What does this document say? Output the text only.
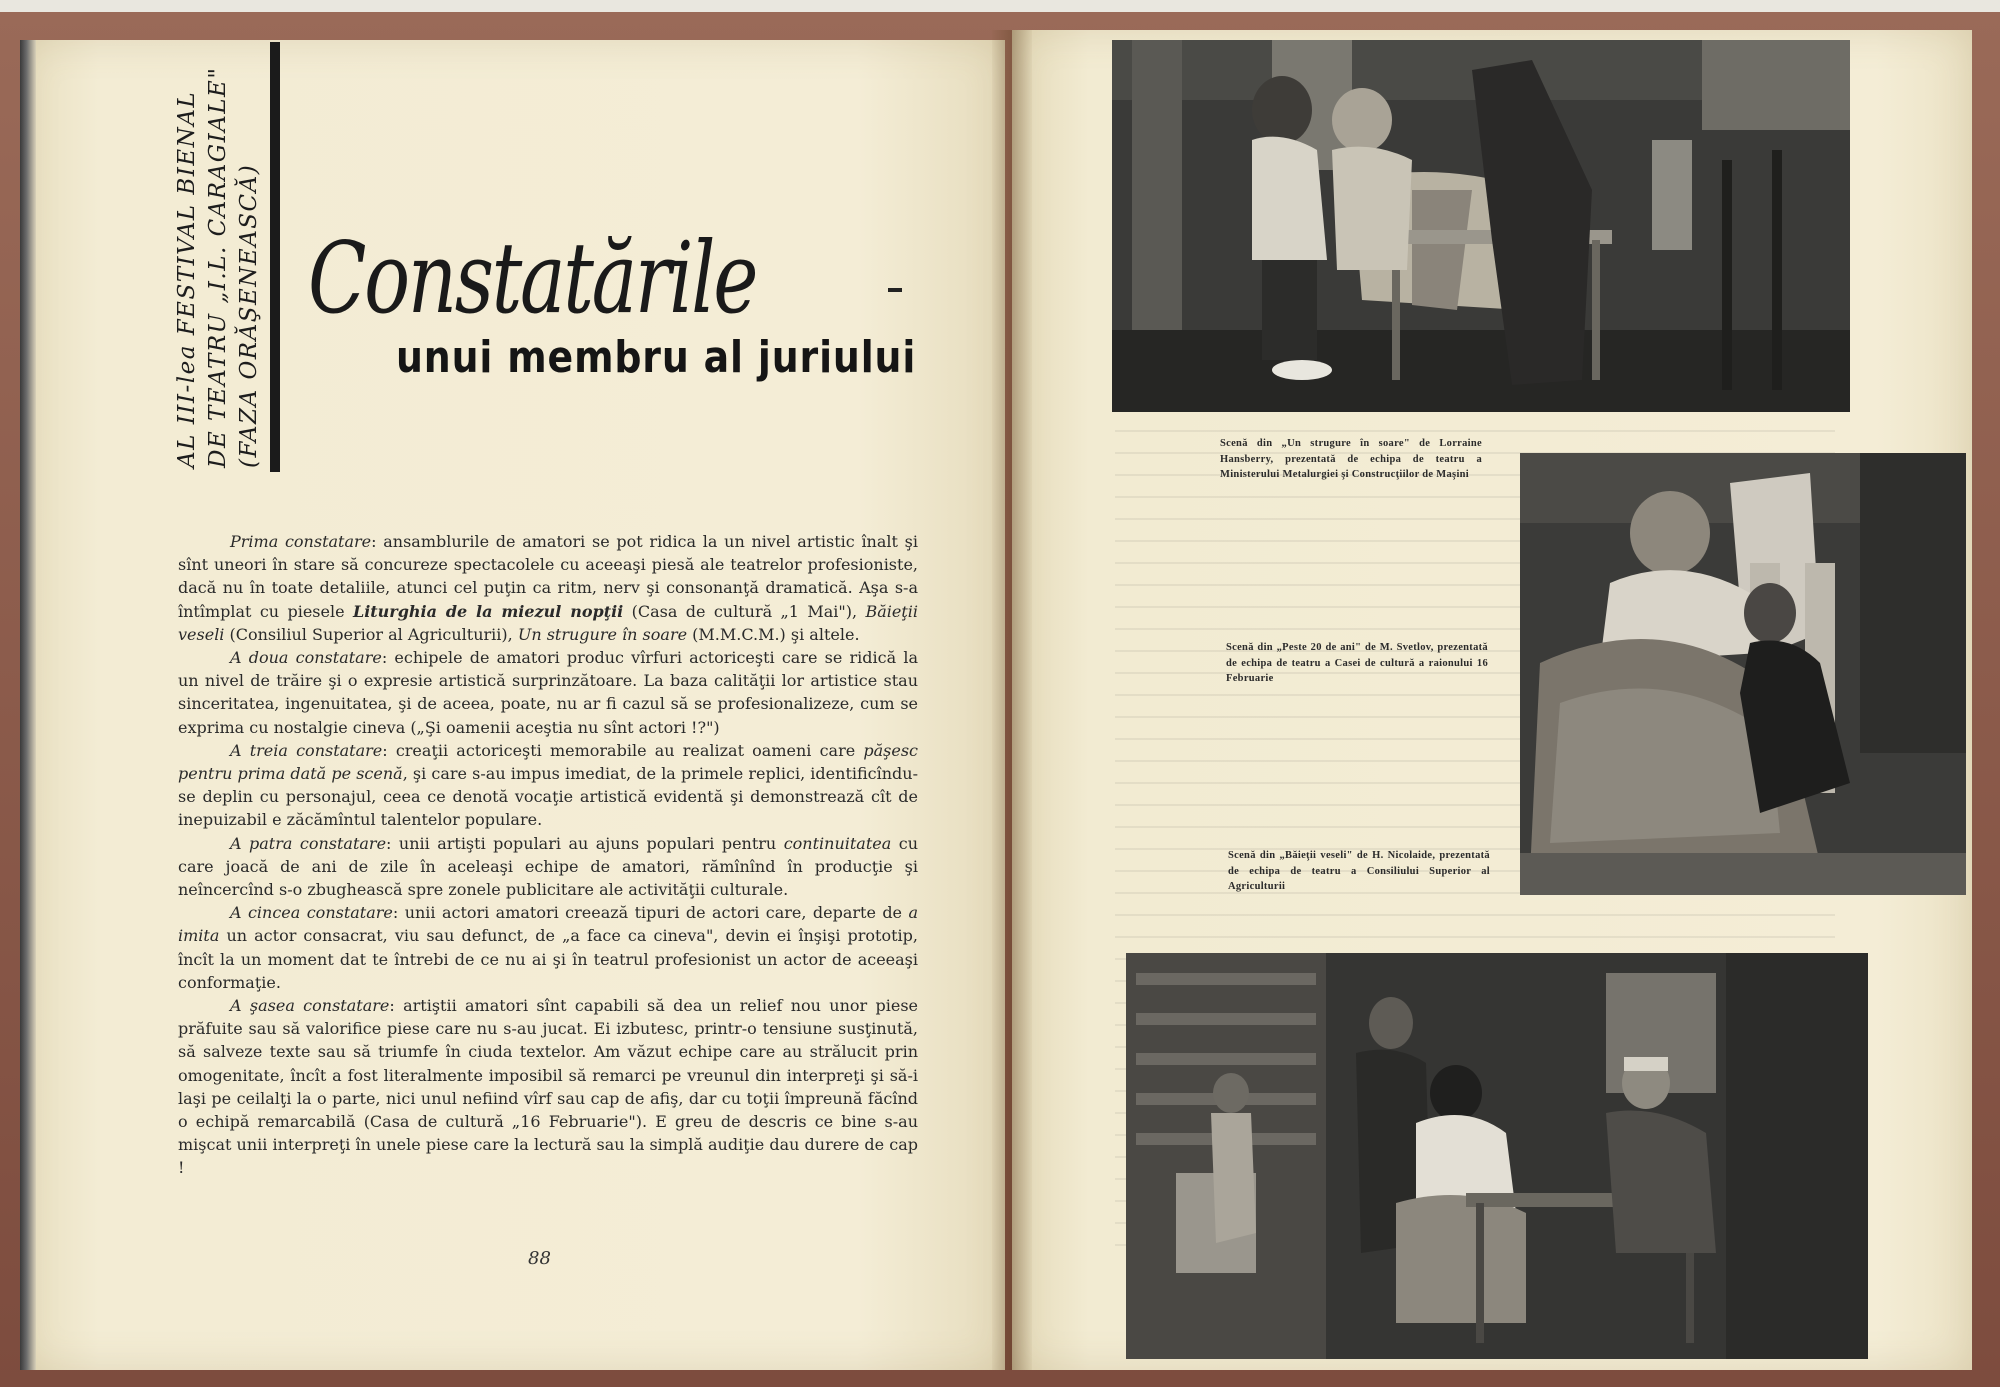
AL III-lea FESTIVAL BIENAL DE TEATRU „I.L. CARAGIALE" (FAZA ORĂŞENEASCĂ) Constatările
unui membru al juriului

Prima constatare: ansamblurile de amatori se pot ridica la un nivel artistic înalt şi sînt uneori în stare să concureze spectacolele cu aceeaşi piesă ale teatrelor profesioniste, dacă nu în toate detaliile, atunci cel puţin ca ritm, nerv şi consonanţă dramatică. Aşa s-a întîmplat cu piesele Liturghia de la miezul nopţii (Casa de cultură „1 Mai"), Băieţii veseli (Consiliul Superior al Agriculturii), Un strugure în soare (M.M.C.M.) şi altele.

A doua constatare: echipele de amatori produc vîrfuri actoriceşti care se ridică la un nivel de trăire şi o expresie artistică surprinzătoare. La baza calităţii lor artistice stau sinceritatea, ingenuitatea, şi de aceea, poate, nu ar fi cazul să se profesionalizeze, cum se exprima cu nostalgie cineva („Şi oamenii aceştia nu sînt actori !?")

A treia constatare: creaţii actoriceşti memorabile au realizat oameni care păşesc pentru prima dată pe scenă, şi care s-au impus imediat, de la primele replici, identificîndu-se deplin cu personajul, ceea ce denotă vocaţie artistică evidentă şi demonstrează cît de inepuizabil e zăcămîntul talentelor populare.

A patra constatare: unii artişti populari au ajuns populari pentru continuitatea cu care joacă de ani de zile în aceleaşi echipe de amatori, rămînînd în producţie şi neîncercînd s-o zbughească spre zonele publicitare ale activităţii culturale.

A cincea constatare: unii actori amatori creează tipuri de actori care, departe de a imita un actor consacrat, viu sau defunct, de „a face ca cineva", devin ei înşişi prototip, încît la un moment dat te întrebi de ce nu ai şi în teatrul profesionist un actor de aceeaşi conformaţie.

A şasea constatare: artiştii amatori sînt capabili să dea un relief nou unor piese prăfuite sau să valorifice piese care nu s-au jucat. Ei izbutesc, printr-o tensiune susţinută, să salveze texte sau să triumfe în ciuda textelor. Am văzut echipe care au strălucit prin omogenitate, încît a fost literalmente imposibil să remarci pe vreunul din interpreţi şi să-i laşi pe ceilalţi la o parte, nici unul nefiind vîrf sau cap de afiş, dar cu toţii împreună făcînd o echipă remarcabilă (Casa de cultură „16 Februarie"). E greu de descris ce bine s-au mişcat unii interpreţi în unele piese care la lectură sau la simplă audiţie dau durere de cap !

88
Scenă din „Un strugure în soare" de Lorraine Hansberry, prezentată de echipa de teatru a Ministerului Metalurgiei şi Construcţiilor de Maşini
Scenă din „Peste 20 de ani" de M. Svetlov, prezentată de echipa de teatru a Casei de cultură a raionului 16 Februarie
Scenă din „Băieţii veseli" de H. Nicolaide, prezentată de echipa de teatru a Consiliului Superior al Agriculturii
